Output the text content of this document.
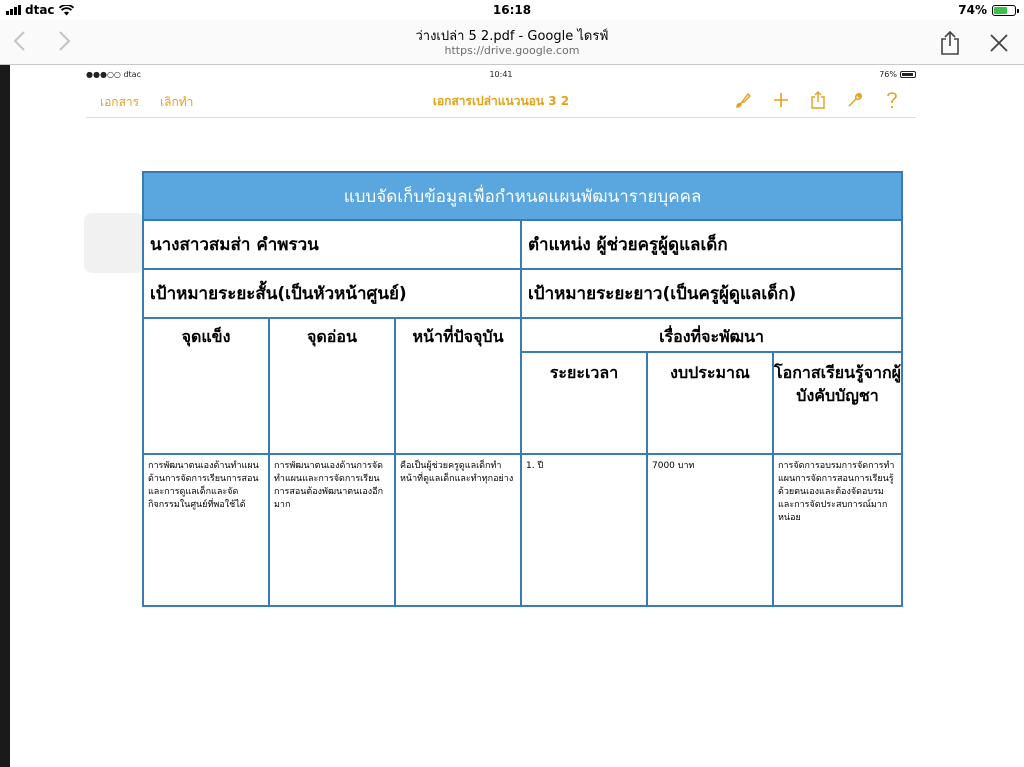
dtac	16:18	74%
ว่างเปล่า 5 2.pdf - Google ไดรฟ์
https://drive.google.com
●●●○○ dtac	10:41	76%
เอกสาร เลิกทำ	เอกสารเปล่าแนวนอน 3 2
แบบจัดเก็บข้อมูลเพื่อกำหนดแผนพัฒนารายบุคคล					
นางสาวสมส่า คำพรวน			ตำแหน่ง ผู้ช่วยครูผู้ดูแลเด็ก		
เป้าหมายระยะสั้น(เป็นหัวหน้าศูนย์)			เป้าหมายระยะยาว(เป็นครูผู้ดูแลเด็ก)		
จุดแข็ง	จุดอ่อน	หน้าที่ปัจจุบัน	เรื่องที่จะพัฒนา		
			ระยะเวลา	งบประมาณ	โอกาสเรียนรู้จากผู้บังคับบัญชา
การพัฒนาตนเองด้านทำแผนด้านการจัดการเรียนการสอนและการดูแลเด็กและจัดกิจกรรมในศูนย์ที่พอใช้ได้	การพัฒนาตนเองด้านการจัดทำแผนและการจัดการเรียนการสอนต้องพัฒนาตนเองอีกมาก	คือเป็นผู้ช่วยครูดูแลเด็กทำหน้าที่ดูแลเด็กและทำทุกอย่าง	1. ปี	7000 บาท	การจัดการอบรมการจัดการทำแผนการจัดการสอนการเรียนรู้ด้วยตนเองและต้องจัดอบรมและการจัดประสบการณ์มากหน่อย
